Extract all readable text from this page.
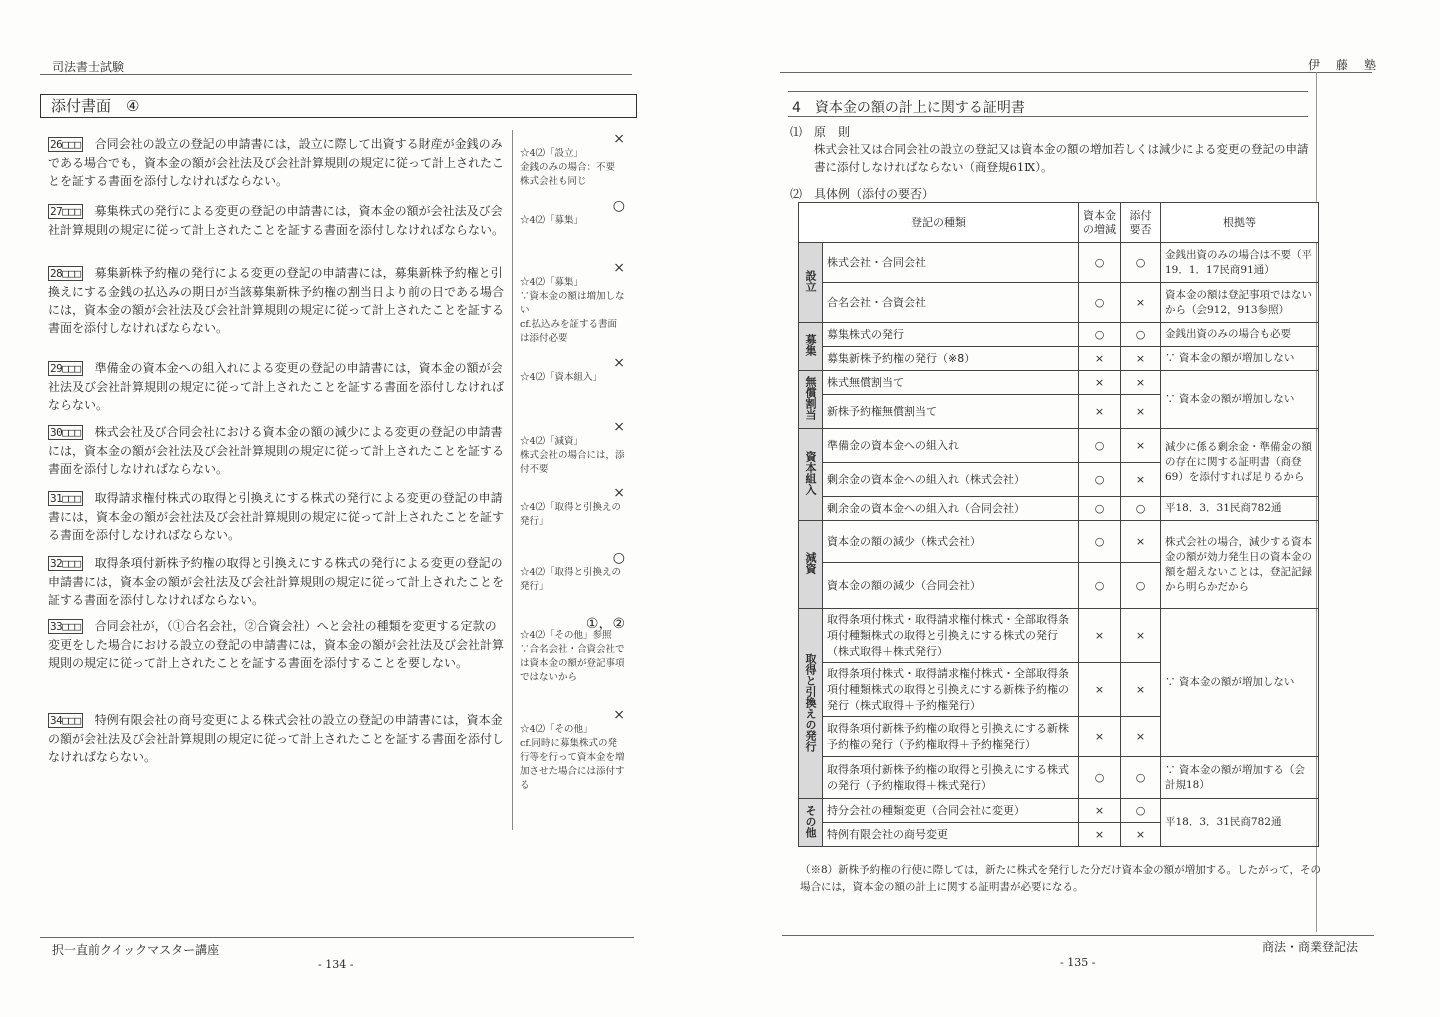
司法書士試験
添付書面　④
26□□□ 合同会社の設立の登記の申請書には，設立に際して出資する財産が金銭のみである場合でも，資本金の額が会社法及び会社計算規則の規定に従って計上されたことを証する書面を添付しなければならない。
×
☆4⑵「設立」
金銭のみの場合：不要
株式会社も同じ
27□□□ 募集株式の発行による変更の登記の申請書には，資本金の額が会社法及び会社計算規則の規定に従って計上されたことを証する書面を添付しなければならない。
○
☆4⑵「募集」
28□□□ 募集新株予約権の発行による変更の登記の申請書には，募集新株予約権と引換えにする金銭の払込みの期日が当該募集新株予約権の割当日より前の日である場合には，資本金の額が会社法及び会社計算規則の規定に従って計上されたことを証する書面を添付しなければならない。
×
☆4⑵「募集」
∵資本金の額は増加しない
cf.払込みを証する書面は添付必要
29□□□ 準備金の資本金への組入れによる変更の登記の申請書には，資本金の額が会社法及び会社計算規則の規定に従って計上されたことを証する書面を添付しなければならない。
×
☆4⑵「資本組入」
30□□□ 株式会社及び合同会社における資本金の額の減少による変更の登記の申請書には，資本金の額が会社法及び会社計算規則の規定に従って計上されたことを証する書面を添付しなければならない。
×
☆4⑵「減資」
株式会社の場合には，添付不要
31□□□ 取得請求権付株式の取得と引換えにする株式の発行による変更の登記の申請書には，資本金の額が会社法及び会社計算規則の規定に従って計上されたことを証する書面を添付しなければならない。
×
☆4⑵「取得と引換えの発行」
32□□□ 取得条項付新株予約権の取得と引換えにする株式の発行による変更の登記の申請書には，資本金の額が会社法及び会社計算規則の規定に従って計上されたことを証する書面を添付しなければならない。
○
☆4⑵「取得と引換えの発行」
33□□□ 合同会社が，（①合名会社，②合資会社）へと会社の種類を変更する定款の変更をした場合における設立の登記の申請書には，資本金の額が会社法及び会社計算規則の規定に従って計上されたことを証する書面を添付することを要しない。
①，②
☆4⑵「その他」参照
∵合名会社・合資会社では資本金の額が登記事項ではないから
34□□□ 特例有限会社の商号変更による株式会社の設立の登記の申請書には，資本金の額が会社法及び会社計算規則の規定に従って計上されたことを証する書面を添付しなければならない。
×
☆4⑵「その他」
cf.同時に募集株式の発行等を行って資本金を増加させた場合には添付する
択一直前クイックマスター講座
- 134 -
伊　藤　塾
4　資本金の額の計上に関する証明書
⑴　原　則
株式会社又は合同会社の設立の登記又は資本金の額の増加若しくは減少による変更の登記の申請書に添付しなければならない（商登規61Ⅸ）。
⑵　具体例（添付の要否）
登記の種類		資本金の増減	添付要否	根拠等
設立	株式会社・合同会社	○	○	金銭出資のみの場合は不要（平19．1．17民商91通）
	合名会社・合資会社	○	×	資本金の額は登記事項ではないから（会912，913参照）
募集	募集株式の発行	○	○	金銭出資のみの場合も必要
	募集新株予約権の発行（※8）	×	×	∵ 資本金の額が増加しない
無償割当	株式無償割当て	×	×	∵ 資本金の額が増加しない
	新株予約権無償割当て	×	×	
資本組入	準備金の資本金への組入れ	○	×	減少に係る剰余金・準備金の額の存在に関する証明書（商登69）を添付すれば足りるから
	剰余金の資本金への組入れ（株式会社）	○	×	
	剰余金の資本金への組入れ（合同会社）	○	○	平18．3．31民商782通
減資	資本金の額の減少（株式会社）	○	×	株式会社の場合，減少する資本金の額が効力発生日の資本金の額を超えないことは，登記記録から明らかだから
	資本金の額の減少（合同会社）	○	○	
取得と引換えの発行	取得条項付株式・取得請求権付株式・全部取得条項付種類株式の取得と引換えにする株式の発行（株式取得＋株式発行）	×	×	∵ 資本金の額が増加しない
	取得条項付株式・取得請求権付株式・全部取得条項付種類株式の取得と引換えにする新株予約権の発行（株式取得＋予約権発行）	×	×	
	取得条項付新株予約権の取得と引換えにする新株予約権の発行（予約権取得＋予約権発行）	×	×	
	取得条項付新株予約権の取得と引換えにする株式の発行（予約権取得＋株式発行）	○	○	∵ 資本金の額が増加する（会計規18）
その他	持分会社の種類変更（合同会社に変更）	×	○	平18．3．31民商782通
	特例有限会社の商号変更	×	×	
（※8）新株予約権の行使に際しては，新たに株式を発行した分だけ資本金の額が増加する。したがって，その場合には，資本金の額の計上に関する証明書が必要になる。
商法・商業登記法
- 135 -
